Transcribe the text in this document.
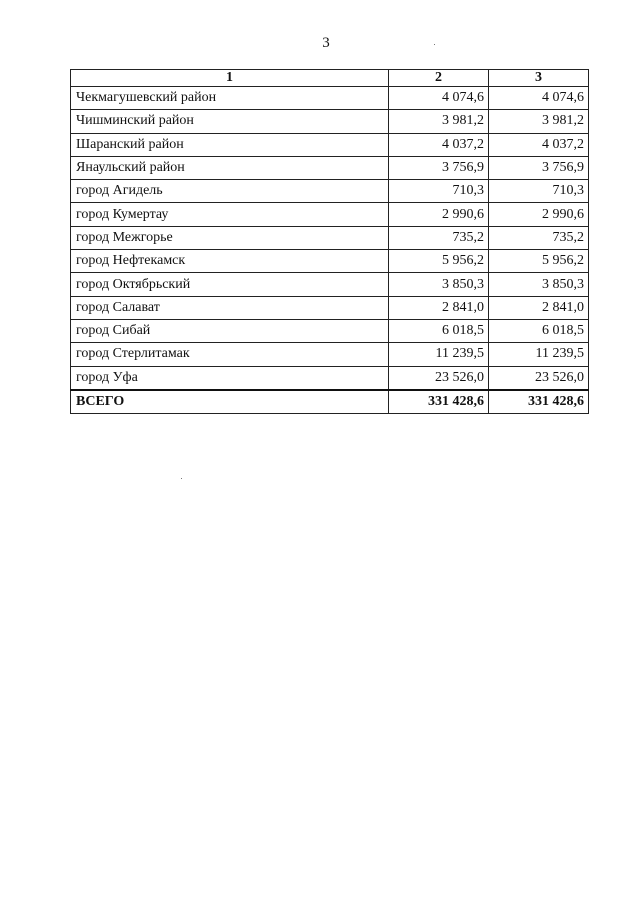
3
1	2	3
Чекмагушевский район	4 074,6	4 074,6
Чишминский район	3 981,2	3 981,2
Шаранский район	4 037,2	4 037,2
Янаульский район	3 756,9	3 756,9
город Агидель	710,3	710,3
город Кумертау	2 990,6	2 990,6
город Межгорье	735,2	735,2
город Нефтекамск	5 956,2	5 956,2
город Октябрьский	3 850,3	3 850,3
город Салават	2 841,0	2 841,0
город Сибай	6 018,5	6 018,5
город Стерлитамак	11 239,5	11 239,5
город Уфа	23 526,0	23 526,0
ВСЕГО	331 428,6	331 428,6
